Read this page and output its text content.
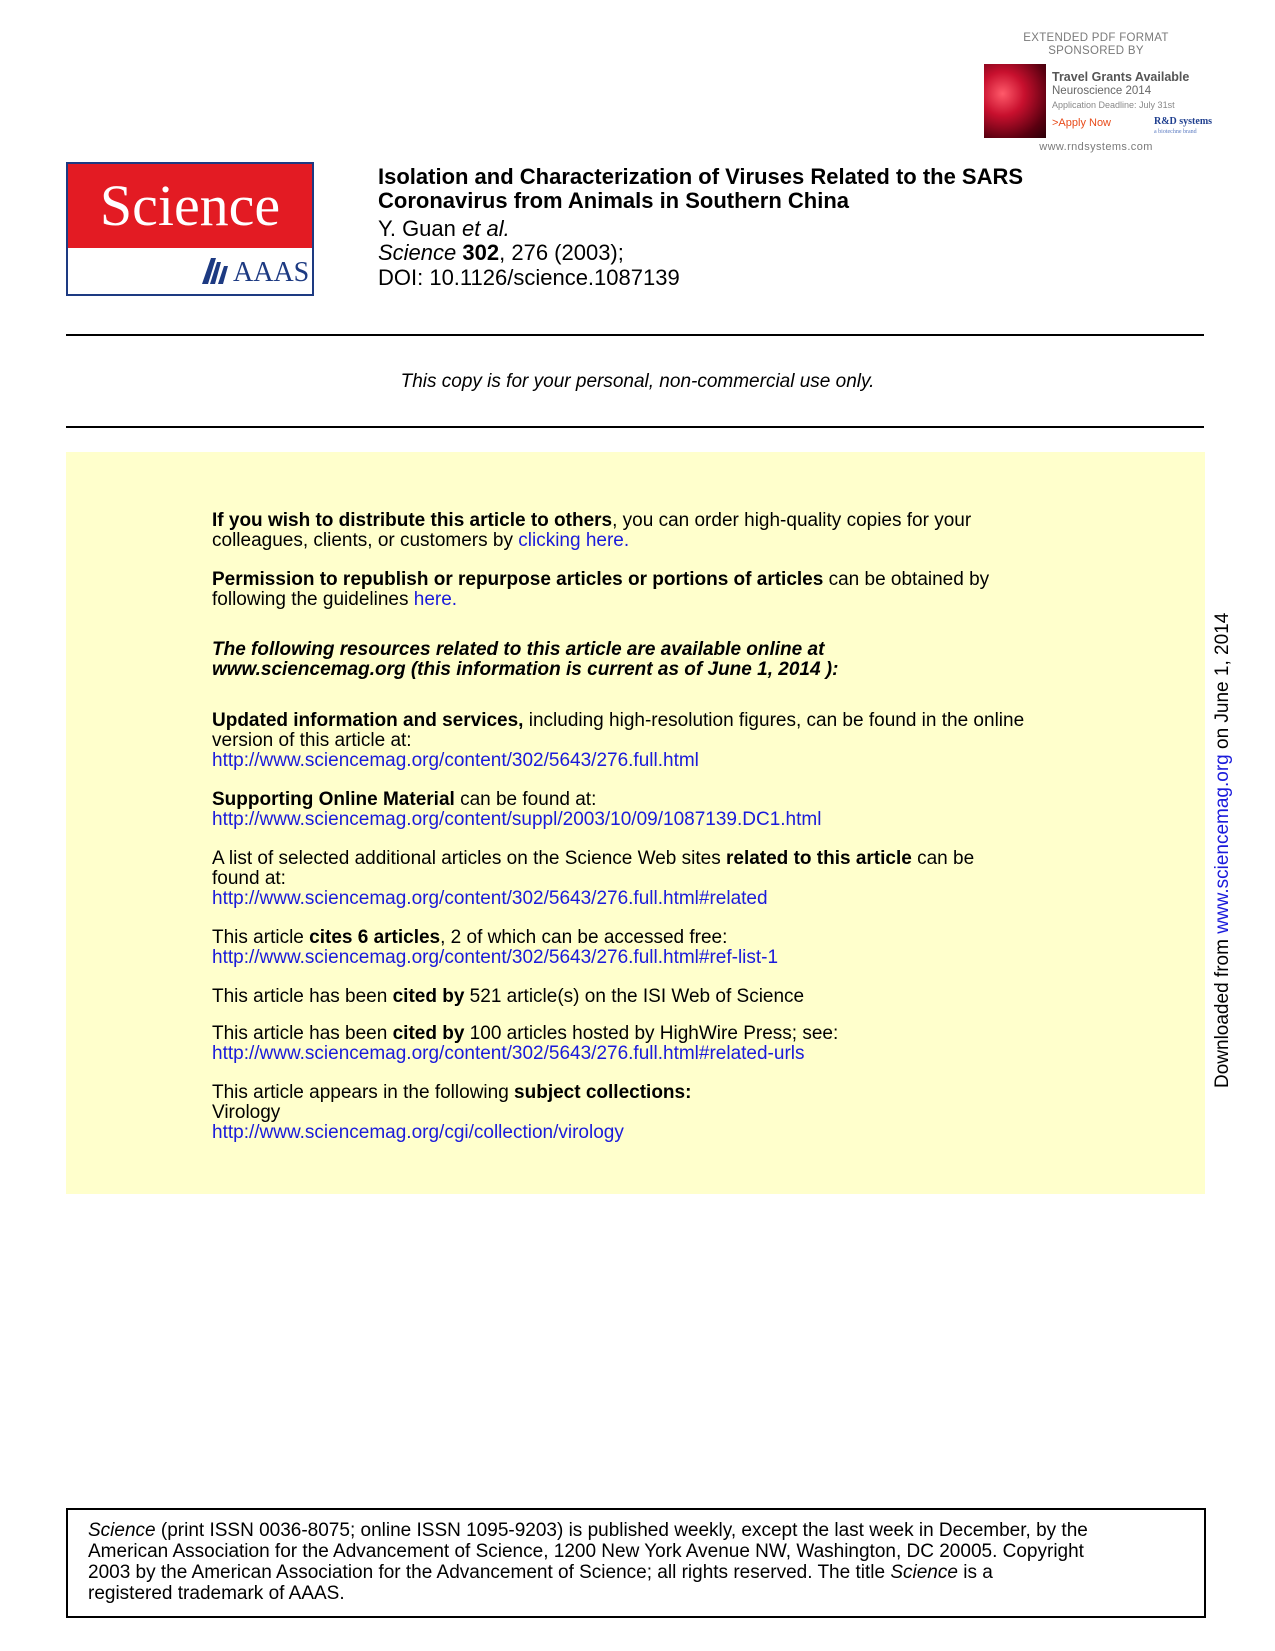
EXTENDED PDF FORMAT
SPONSORED BY
Travel Grants Available
Neuroscience 2014
Application Deadline: July 31st
>Apply Now	R&D systems
a biotechne brand
www.rndsystems.com
Science
AAAS
Isolation and Characterization of Viruses Related to the SARS
Coronavirus from Animals in Southern China
Y. Guan et al.
Science 302, 276 (2003);
DOI: 10.1126/science.1087139
This copy is for your personal, non-commercial use only.
If you wish to distribute this article to others, you can order high-quality copies for your
colleagues, clients, or customers by clicking here.
Permission to republish or repurpose articles or portions of articles can be obtained by
following the guidelines here.
The following resources related to this article are available online at
www.sciencemag.org (this information is current as of June 1, 2014 ):
Updated information and services, including high-resolution figures, can be found in the online
version of this article at:
http://www.sciencemag.org/content/302/5643/276.full.html
Supporting Online Material can be found at:
http://www.sciencemag.org/content/suppl/2003/10/09/1087139.DC1.html
A list of selected additional articles on the Science Web sites related to this article can be
found at:
http://www.sciencemag.org/content/302/5643/276.full.html#related
This article cites 6 articles, 2 of which can be accessed free:
http://www.sciencemag.org/content/302/5643/276.full.html#ref-list-1
This article has been cited by 521 article(s) on the ISI Web of Science
This article has been cited by 100 articles hosted by HighWire Press; see:
http://www.sciencemag.org/content/302/5643/276.full.html#related-urls
This article appears in the following subject collections:
Virology
http://www.sciencemag.org/cgi/collection/virology
Downloaded from www.sciencemag.org on June 1, 2014
Science (print ISSN 0036-8075; online ISSN 1095-9203) is published weekly, except the last week in December, by the
American Association for the Advancement of Science, 1200 New York Avenue NW, Washington, DC 20005. Copyright
2003 by the American Association for the Advancement of Science; all rights reserved. The title Science is a
registered trademark of AAAS.
